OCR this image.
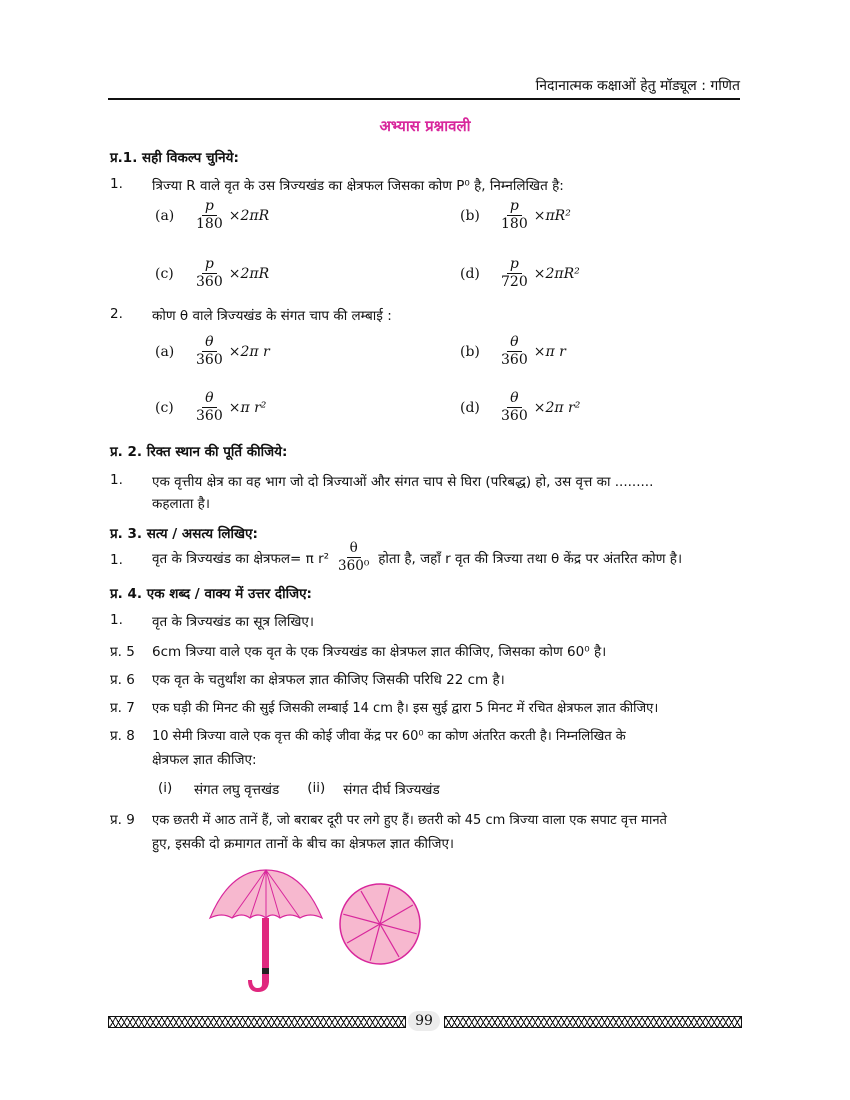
निदानात्मक कक्षाओं हेतु मॉड्यूल : गणित
अभ्यास प्रश्नावली
प्र.1. सही विकल्प चुनिये:
1. त्रिज्या R वाले वृत के उस त्रिज्यखंड का क्षेत्रफल जिसका कोण P⁰ है, निम्नलिखित है:
(a)	$\frac{p}{180} \times 2\pi R$	(b)	$\frac{p}{180} \times\pi R^2$
(c)	$\frac{p}{360} \times 2\pi R$	(d)	$\frac{p}{720} \times 2\pi R^2$
2. कोण θ वाले त्रिज्यखंड के संगत चाप की लम्बाई :
(a)	$\frac{\theta}{360} \times 2\pi$ r	(b)	$\frac{\theta}{360} \times\pi$ r
(c)	$\frac{\theta}{360} \times\pi$ r²	(d)	$\frac{\theta}{360} \times 2\pi$ r²
प्र. 2. रिक्त स्थान की पूर्ति कीजिये:
1. एक वृत्तीय क्षेत्र का वह भाग जो दो त्रिज्याओं और संगत चाप से घिरा (परिबद्ध) हो, उस वृत्त का .........
कहलाता है।
प्र. 3. सत्य / असत्य लिखिए:
1. वृत के त्रिज्यखंड का क्षेत्रफल= π $r^2 \frac{\theta}{\text{360⁰}}$ होता है, जहाँ r वृत की त्रिज्या तथा θ केंद्र पर अंतरित कोण है।
प्र. 4. एक शब्द / वाक्य में उत्तर दीजिए:
1. वृत के त्रिज्यखंड का सूत्र लिखिए।
प्र. 5 6cm त्रिज्या वाले एक वृत के एक त्रिज्यखंड का क्षेत्रफल ज्ञात कीजिए, जिसका कोण 60⁰ है।
प्र. 6 एक वृत के चतुर्थांश का क्षेत्रफल ज्ञात कीजिए जिसकी परिधि 22 cm है।
प्र. 7 एक घड़ी की मिनट की सुई जिसकी लम्बाई 14 cm है। इस सुई द्वारा 5 मिनट में रचित क्षेत्रफल ज्ञात कीजिए।
प्र. 8 10 सेमी त्रिज्या वाले एक वृत्त की कोई जीवा केंद्र पर 60⁰ का कोण अंतरित करती है। निम्नलिखित के
क्षेत्रफल ज्ञात कीजिए:
(i)	संगत लघु वृत्तखंड (ii)	संगत दीर्घ त्रिज्यखंड
प्र. 9 एक छतरी में आठ तानें हैं, जो बराबर दूरी पर लगे हुए हैं। छतरी को 45 cm त्रिज्या वाला एक सपाट वृत्त मानते
हुए, इसकी दो क्रमागत तानों के बीच का क्षेत्रफल ज्ञात कीजिए।
99
